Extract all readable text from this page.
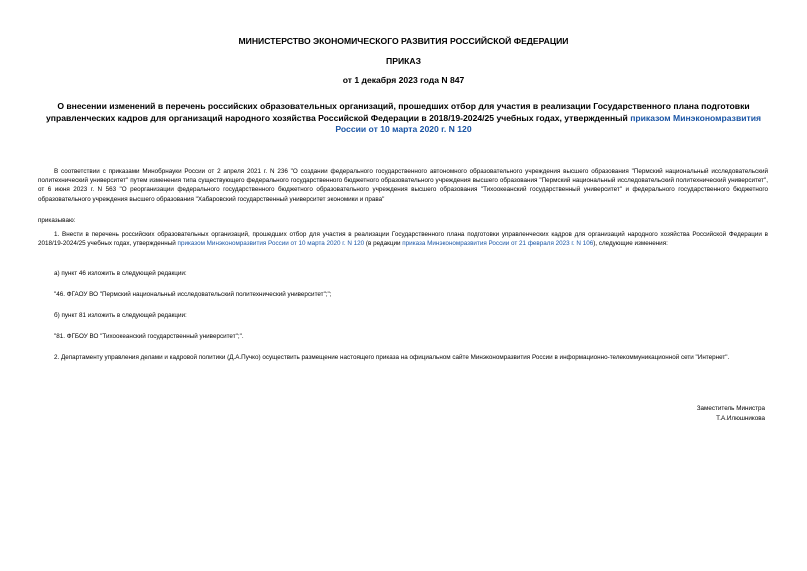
МИНИСТЕРСТВО ЭКОНОМИЧЕСКОГО РАЗВИТИЯ РОССИЙСКОЙ ФЕДЕРАЦИИ
ПРИКАЗ
от 1 декабря 2023 года N 847
О внесении изменений в перечень российских образовательных организаций, прошедших отбор для участия в реализации Государственного плана подготовки управленческих кадров для организаций народного хозяйства Российской Федерации в 2018/19-2024/25 учебных годах, утвержденный приказом Минэкономразвития России от 10 марта 2020 г. N 120

В соответствии с приказами Минобрнауки России от 2 апреля 2021 г. N 236 "О создании федерального государственного автономного образовательного учреждения высшего образования "Пермский национальный исследовательский политехнический университет" путем изменения типа существующего федерального государственного бюджетного образовательного учреждения высшего образования "Пермский национальный исследовательский политехнический университет", от 6 июня 2023 г. N 563 "О реорганизации федерального государственного бюджетного образовательного учреждения высшего образования "Тихоокеанский государственный университет" и федерального государственного бюджетного образовательного учреждения высшего образования "Хабаровский государственный университет экономики и права"

приказываю:

1. Внести в перечень российских образовательных организаций, прошедших отбор для участия в реализации Государственного плана подготовки управленческих кадров для организаций народного хозяйства Российской Федерации в 2018/19-2024/25 учебных годах, утвержденный приказом Минэкономразвития России от 10 марта 2020 г. N 120 (в редакции приказа Минэкономразвития России от 21 февраля 2023 г. N 106), следующие изменения:

а) пункт 46 изложить в следующей редакции:

"46. ФГАОУ ВО "Пермский национальный исследовательский политехнический университет";";

б) пункт 81 изложить в следующей редакции:

"81. ФГБОУ ВО "Тихоокеанский государственный университет";".

2. Департаменту управления делами и кадровой политики (Д.А.Пучко) осуществить размещение настоящего приказа на официальном сайте Минэкономразвития России в информационно-телекоммуникационной сети "Интернет".

Заместитель Министра
Т.А.Илюшникова
